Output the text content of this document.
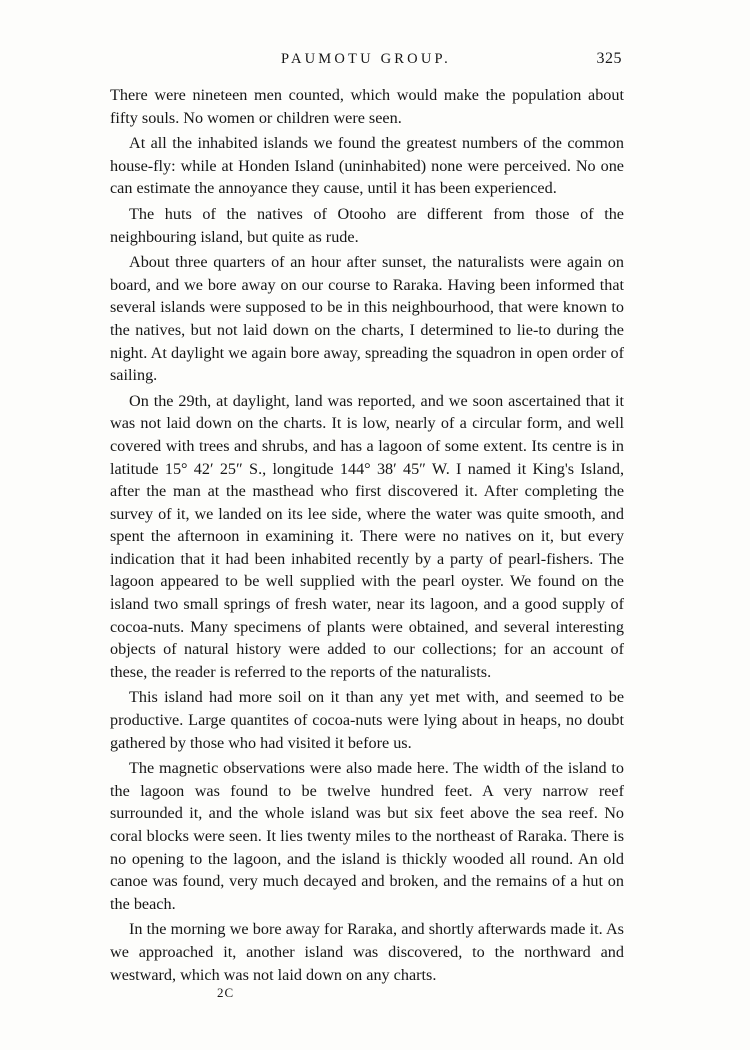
PAUMOTU GROUP.	325

There were nineteen men counted, which would make the population about fifty souls. No women or children were seen.

At all the inhabited islands we found the greatest numbers of the common house-fly: while at Honden Island (uninhabited) none were perceived. No one can estimate the annoyance they cause, until it has been experienced.

The huts of the natives of Otooho are different from those of the neighbouring island, but quite as rude.

About three quarters of an hour after sunset, the naturalists were again on board, and we bore away on our course to Raraka. Having been informed that several islands were supposed to be in this neighbourhood, that were known to the natives, but not laid down on the charts, I determined to lie-to during the night. At daylight we again bore away, spreading the squadron in open order of sailing.

On the 29th, at daylight, land was reported, and we soon ascertained that it was not laid down on the charts. It is low, nearly of a circular form, and well covered with trees and shrubs, and has a lagoon of some extent. Its centre is in latitude 15° 42′ 25″ S., longitude 144° 38′ 45″ W. I named it King's Island, after the man at the masthead who first discovered it. After completing the survey of it, we landed on its lee side, where the water was quite smooth, and spent the afternoon in examining it. There were no natives on it, but every indication that it had been inhabited recently by a party of pearl-fishers. The lagoon appeared to be well supplied with the pearl oyster. We found on the island two small springs of fresh water, near its lagoon, and a good supply of cocoa-nuts. Many specimens of plants were obtained, and several interesting objects of natural history were added to our collections; for an account of these, the reader is referred to the reports of the naturalists.

This island had more soil on it than any yet met with, and seemed to be productive. Large quantites of cocoa-nuts were lying about in heaps, no doubt gathered by those who had visited it before us.

The magnetic observations were also made here. The width of the island to the lagoon was found to be twelve hundred feet. A very narrow reef surrounded it, and the whole island was but six feet above the sea reef. No coral blocks were seen. It lies twenty miles to the northeast of Raraka. There is no opening to the lagoon, and the island is thickly wooded all round. An old canoe was found, very much decayed and broken, and the remains of a hut on the beach.

In the morning we bore away for Raraka, and shortly afterwards made it. As we approached it, another island was discovered, to the northward and westward, which was not laid down on any charts.

2C
